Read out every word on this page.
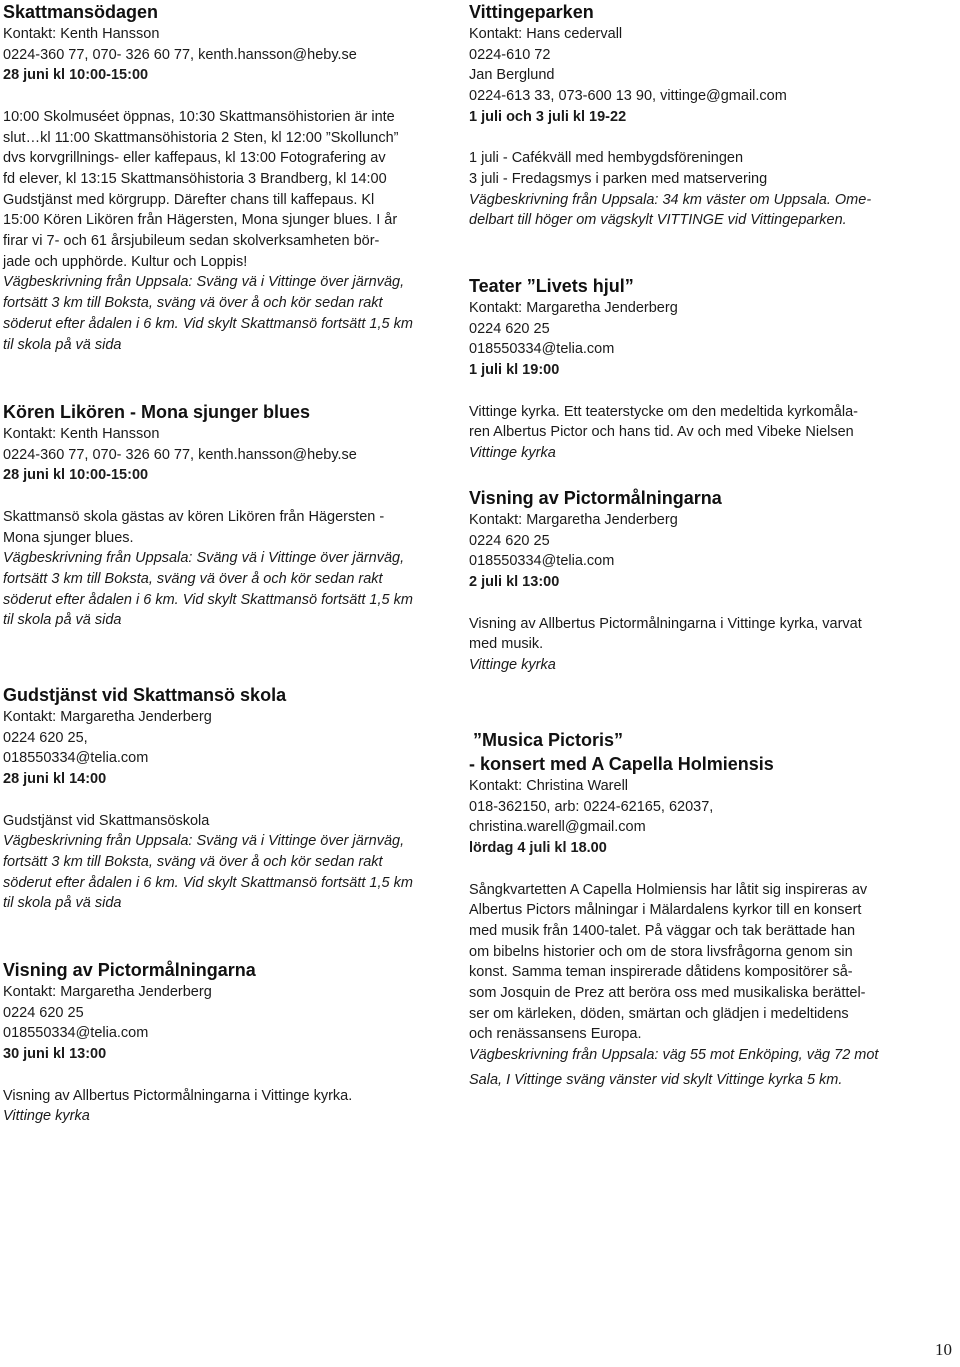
Skattmansödagen
Kontakt: Kenth Hansson
0224-360 77, 070- 326 60 77, kenth.hansson@heby.se
28 juni kl 10:00-15:00
10:00 Skolmuséet öppnas, 10:30 Skattmansöhistorien är inte
slut…kl 11:00 Skattmansöhistoria 2 Sten, kl 12:00 ”Skollunch”
dvs korvgrillnings- eller kaffepaus, kl 13:00 Fotografering av
fd elever, kl 13:15 Skattmansöhistoria 3 Brandberg, kl 14:00
Gudstjänst med körgrupp. Därefter chans till kaffepaus. Kl
15:00 Kören Likören från Hägersten, Mona sjunger blues. I år
firar vi 7- och 61 årsjubileum sedan skolverksamheten bör-
jade och upphörde. Kultur och Loppis!
Vägbeskrivning från Uppsala: Sväng vä i Vittinge över järnväg,
fortsätt 3 km till Boksta, sväng vä över å och kör sedan rakt
söderut efter ådalen i 6 km. Vid skylt Skattmansö fortsätt 1,5 km
til skola på vä sida
Kören Likören - Mona sjunger blues
Kontakt: Kenth Hansson
0224-360 77, 070- 326 60 77, kenth.hansson@heby.se
28 juni kl 10:00-15:00
Skattmansö skola gästas av kören Likören från Hägersten -
Mona sjunger blues.
Vägbeskrivning från Uppsala: Sväng vä i Vittinge över järnväg,
fortsätt 3 km till Boksta, sväng vä över å och kör sedan rakt
söderut efter ådalen i 6 km. Vid skylt Skattmansö fortsätt 1,5 km
til skola på vä sida
Gudstjänst vid Skattmansö skola
Kontakt: Margaretha Jenderberg
0224 620 25,
018550334@telia.com
28 juni kl 14:00
Gudstjänst vid Skattmansöskola
Vägbeskrivning från Uppsala: Sväng vä i Vittinge över järnväg,
fortsätt 3 km till Boksta, sväng vä över å och kör sedan rakt
söderut efter ådalen i 6 km. Vid skylt Skattmansö fortsätt 1,5 km
til skola på vä sida
Visning av Pictormålningarna
Kontakt: Margaretha Jenderberg
0224 620 25
018550334@telia.com
30 juni kl 13:00
Visning av Allbertus Pictormålningarna i Vittinge kyrka.
Vittinge kyrka
Vittingeparken
Kontakt: Hans cedervall
0224-610 72
Jan Berglund
0224-613 33, 073-600 13 90, vittinge@gmail.com
1 juli och 3 juli kl 19-22
1 juli - Cafékväll med hembygdsföreningen
3 juli - Fredagsmys i parken med matservering
Vägbeskrivning från Uppsala: 34 km väster om Uppsala. Ome-
delbart till höger om vägskylt VITTINGE vid Vittingeparken.
Teater ”Livets hjul”
Kontakt: Margaretha Jenderberg
0224 620 25
018550334@telia.com
1 juli kl 19:00
Vittinge kyrka. Ett teaterstycke om den medeltida kyrkomåla-
ren Albertus Pictor och hans tid. Av och med Vibeke Nielsen
Vittinge kyrka
Visning av Pictormålningarna
Kontakt: Margaretha Jenderberg
0224 620 25
018550334@telia.com
2 juli kl 13:00
Visning av Allbertus Pictormålningarna i Vittinge kyrka, varvat
med musik.
Vittinge kyrka
”Musica Pictoris”
- konsert med A Capella Holmiensis
Kontakt: Christina Warell
018-362150, arb: 0224-62165, 62037,
christina.warell@gmail.com
lördag 4 juli kl 18.00
Sångkvartetten A Capella Holmiensis har låtit sig inspireras av
Albertus Pictors målningar i Mälardalens kyrkor till en konsert
med musik från 1400-talet. På väggar och tak berättade han
om bibelns historier och om de stora livsfrågorna genom sin
konst. Samma teman inspirerade dåtidens kompositörer så-
som Josquin de Prez att beröra oss med musikaliska berättel-
ser om kärleken, döden, smärtan och glädjen i medeltidens
och renässansens Europa.
Vägbeskrivning från Uppsala: väg 55 mot Enköping, väg 72 mot
Sala, I Vittinge sväng vänster vid skylt Vittinge kyrka 5 km.
10
